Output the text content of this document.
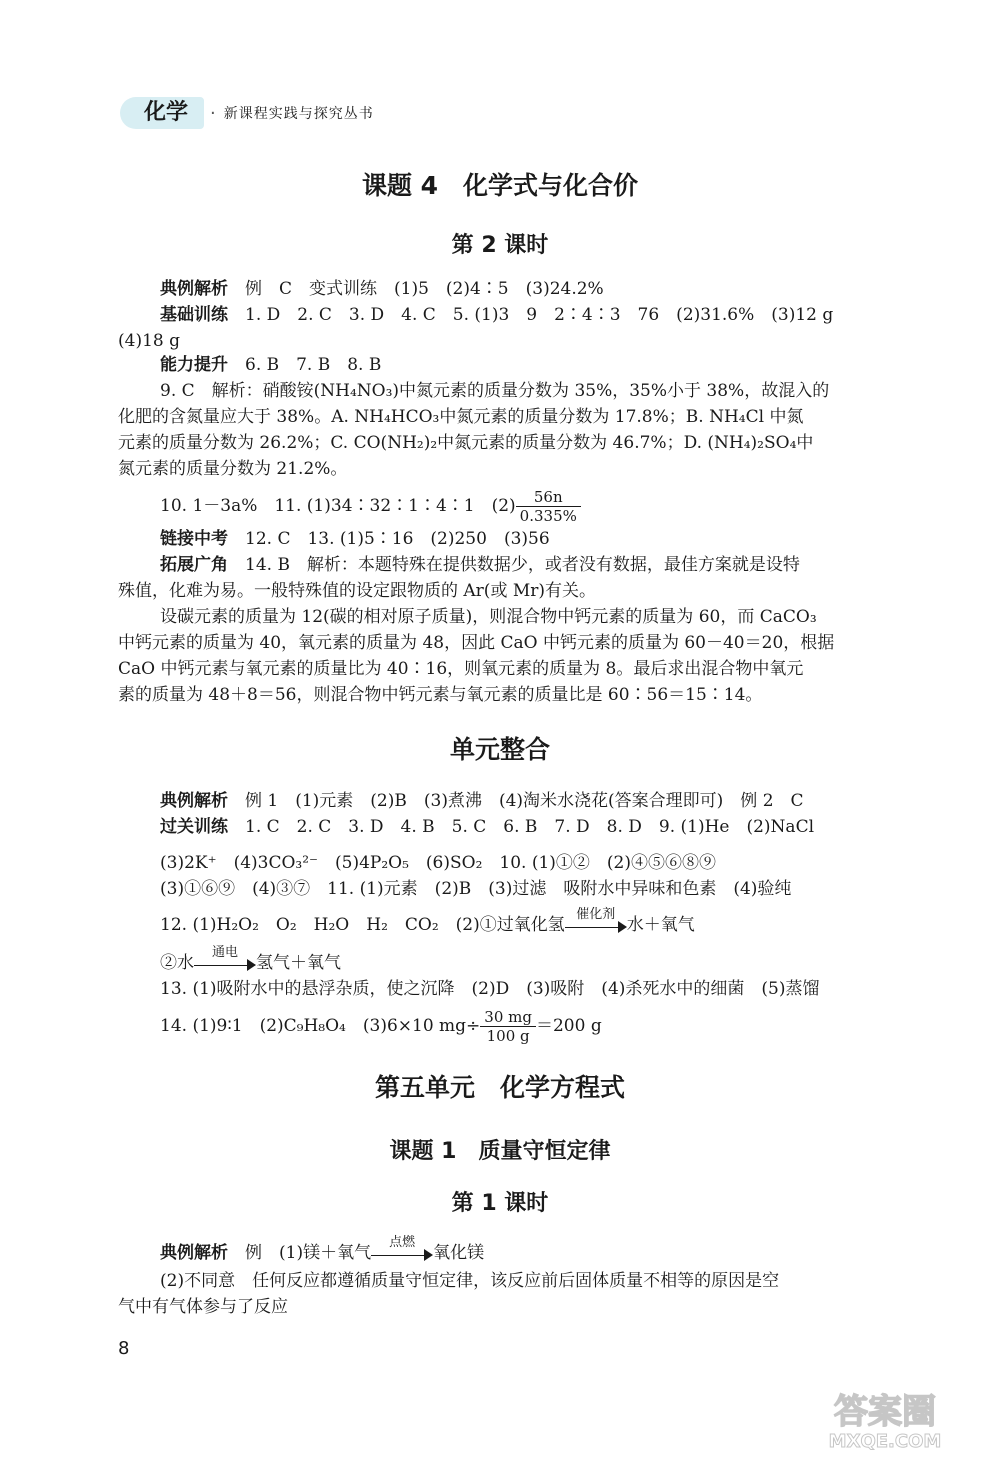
化学	· 新课程实践与探究丛书
课题 4　化学式与化合价
第 2 课时
典例解析　 例　C　变式训练　(1)5　(2)4∶5　(3)24.2%
基础训练　 1. D　2. C　3. D　4. C　5. (1)3　9　2∶4∶3　76　(2)31.6%　(3)12 g
(4)18 g
能力提升　 6. B　7. B　8. B
9. C　解析：硝酸铵(NH₄NO₃)中氮元素的质量分数为 35%，35%小于 38%，故混入的
化肥的含氮量应大于 38%。A. NH₄HCO₃中氮元素的质量分数为 17.8%；B. NH₄Cl 中氮
元素的质量分数为 26.2%；C. CO(NH₂)₂中氮元素的质量分数为 46.7%；D. (NH₄)₂SO₄中
氮元素的质量分数为 21.2%。
10. 1－3a%　11. (1)34∶32∶1∶4∶1　$(2) \frac{56n}{0.335\%}$
链接中考　 12. C　13. (1)5∶16　(2)250　(3)56
拓展广角　 14. B　解析：本题特殊在提供数据少，或者没有数据，最佳方案就是设特
殊值，化难为易。一般特殊值的设定跟物质的 Ar(或 Mr)有关。
设碳元素的质量为 12(碳的相对原子质量)，则混合物中钙元素的质量为 60，而 CaCO₃
中钙元素的质量为 40，氧元素的质量为 48，因此 CaO 中钙元素的质量为 60－40＝20，根据
CaO 中钙元素与氧元素的质量比为 40∶16，则氧元素的质量为 8。最后求出混合物中氧元
素的质量为 48＋8＝56，则混合物中钙元素与氧元素的质量比是 60∶56＝15∶14。
单元整合
典例解析　 例 1　(1)元素　(2)B　(3)煮沸　(4)淘米水浇花(答案合理即可)　例 2　C
过关训练　 1. C　2. C　3. D　4. B　5. C　6. B　7. D　8. D　9. (1)He　(2)NaCl
(3)2K⁺　(4)3CO₃²⁻　(5)4P₂O₅　(6)SO₂　10. (1)①②　(2)④⑤⑥⑧⑨
(3)①⑥⑨　(4)③⑦　11. (1)元素　(2)B　(3)过滤　吸附水中异味和色素　(4)验纯
12. (1)H₂O₂　O₂　H₂O　H₂　CO₂　(2)①过氧化氢
催化剂
水＋氧气
②水
通电
氢气＋氧气
13. (1)吸附水中的悬浮杂质，使之沉降　(2)D　(3)吸附　(4)杀死水中的细菌　(5)蒸馏
14. (1)9∶1　(2)C₉H₈O₄　(3)6×10 $mg\div \frac{30 mg}{100 g} =200$ g
第五单元　化学方程式
课题 1　质量守恒定律
第 1 课时
典例解析　 例　(1)镁＋氧气
点燃
氧化镁
(2)不同意　任何反应都遵循质量守恒定律，该反应前后固体质量不相等的原因是空
气中有气体参与了反应
8
答案圈
MXQE.COM
